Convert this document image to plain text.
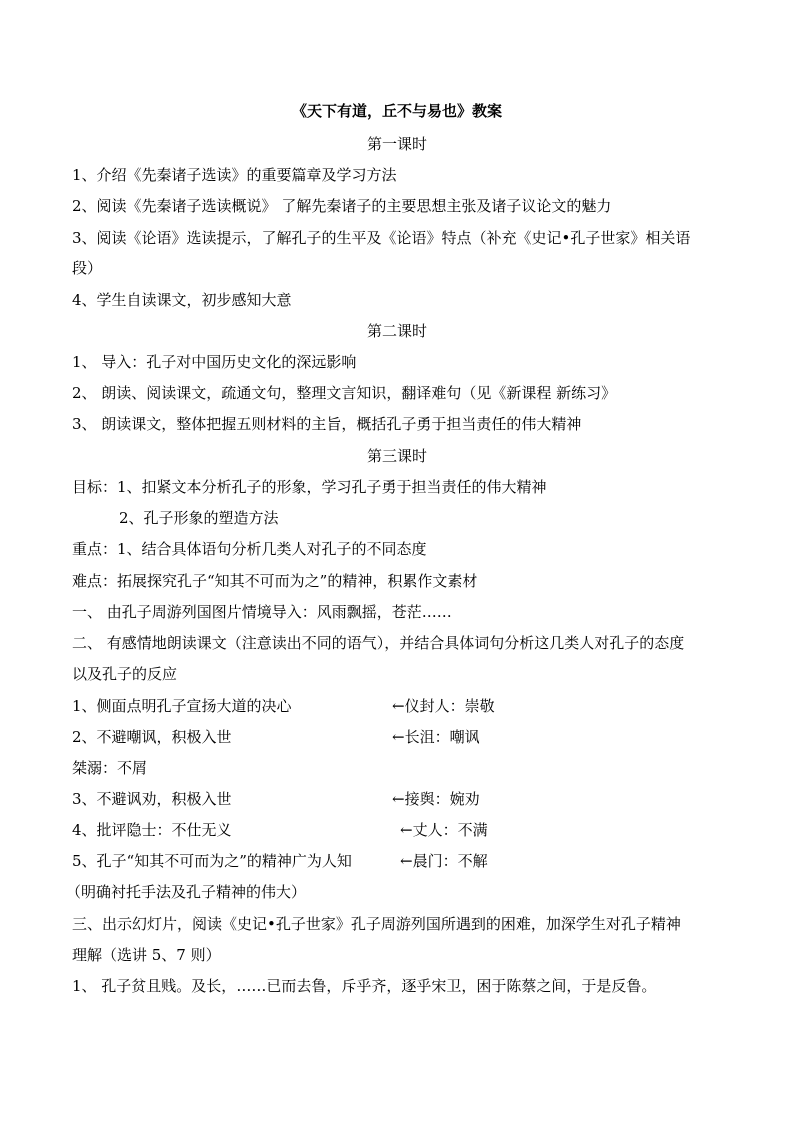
《天下有道，丘不与易也》教案
第一课时
1、介绍《先秦诸子选读》的重要篇章及学习方法
2、阅读《先秦诸子选读概说》 了解先秦诸子的主要思想主张及诸子议论文的魅力
3、阅读《论语》选读提示，了解孔子的生平及《论语》特点（补充《史记•孔子世家》相关语
段）
4、学生自读课文，初步感知大意
第二课时
1、 导入：孔子对中国历史文化的深远影响
2、 朗读、阅读课文，疏通文句，整理文言知识，翻译难句（见《新课程 新练习》
3、 朗读课文，整体把握五则材料的主旨，概括孔子勇于担当责任的伟大精神
第三课时
目标：1、扣紧文本分析孔子的形象，学习孔子勇于担当责任的伟大精神
2、孔子形象的塑造方法
重点：1、结合具体语句分析几类人对孔子的不同态度
难点：拓展探究孔子“知其不可而为之”的精神，积累作文素材
一、 由孔子周游列国图片情境导入：风雨飘摇，苍茫……
二、 有感情地朗读课文（注意读出不同的语气），并结合具体词句分析这几类人对孔子的态度
以及孔子的反应
1、侧面点明孔子宣扬大道的决心	←仪封人：崇敬
2、不避嘲讽，积极入世	←长沮：嘲讽
桀溺：不屑
3、不避讽劝，积极入世	←接舆：婉劝
4、批评隐士：不仕无义	←丈人：不满
5、孔子“知其不可而为之”的精神广为人知	←晨门：不解
（明确衬托手法及孔子精神的伟大）
三、出示幻灯片，阅读《史记•孔子世家》孔子周游列国所遇到的困难，加深学生对孔子精神
理解（选讲 5、7 则）
1、 孔子贫且贱。及长，……已而去鲁，斥乎齐，逐乎宋卫，困于陈蔡之间，于是反鲁。
